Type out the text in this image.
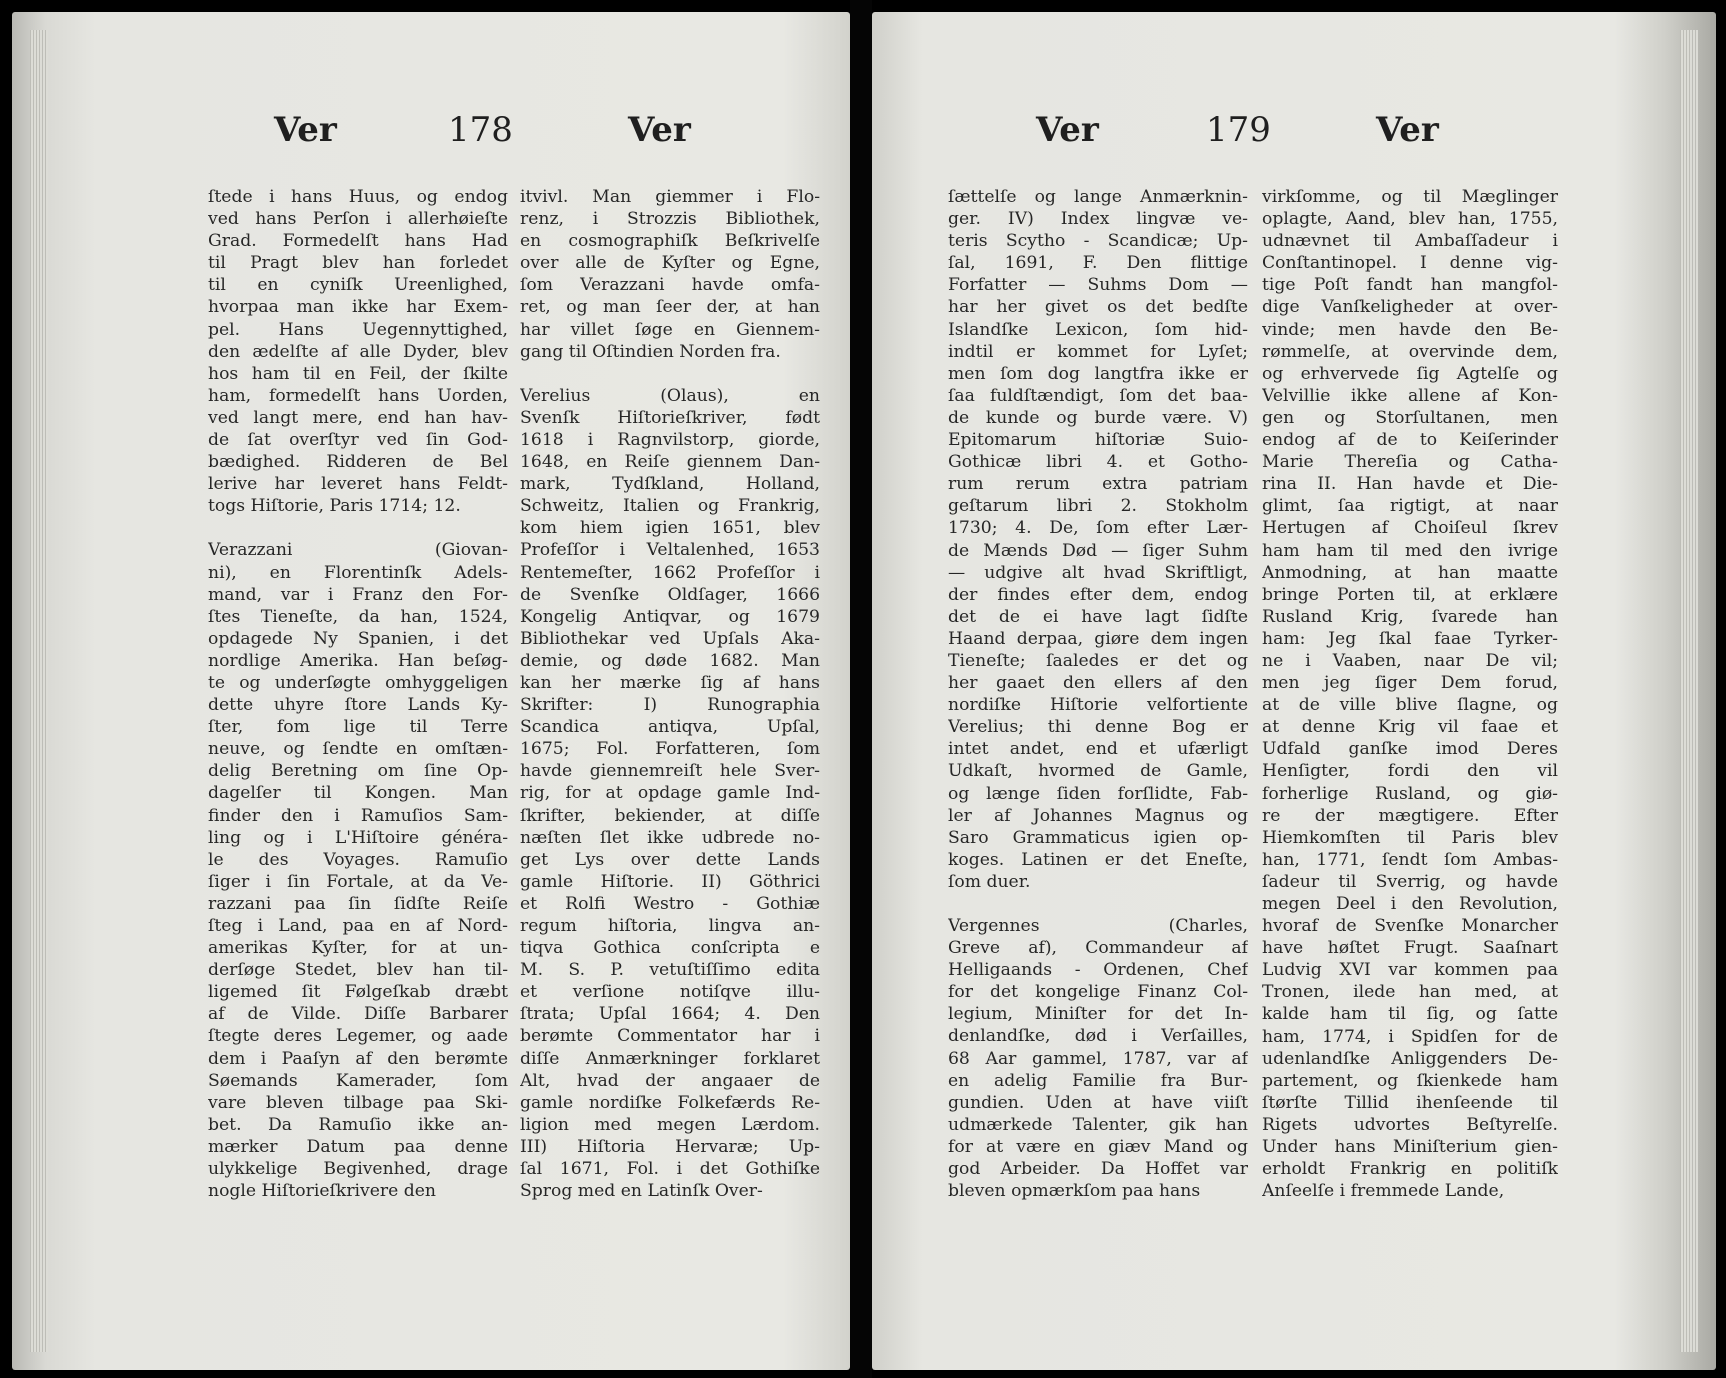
Ver	178	Ver
ſtede i hans Huus, og endog
ved hans Perſon i allerhøieſte
Grad. Formedelſt hans Had
til Pragt blev han forledet
til en cyniſk Ureenlighed,
hvorpaa man ikke har Exem-
pel. Hans Uegennyttighed,
den ædelſte af alle Dyder, blev
hos ham til en Feil, der ſkilte
ham, formedelſt hans Uorden,
ved langt mere, end han hav-
de ſat overſtyr ved ſin God-
bædighed. Ridderen de Bel
lerive har leveret hans Feldt-
togs Hiſtorie, Paris 1714; 12.
Verazzani (Giovan-
ni), en Florentinſk Adels-
mand, var i Franz den For-
ſtes Tieneſte, da han, 1524,
opdagede Ny Spanien, i det
nordlige Amerika. Han beſøg-
te og underſøgte omhyggeligen
dette uhyre ſtore Lands Ky-
ſter, fom lige til Terre
neuve, og ſendte en omſtæn-
delig Beretning om ſine Op-
dagelſer til Kongen. Man
finder den i Ramuſios Sam-
ling og i L'Hiſtoire généra-
le des Voyages. Ramuſio
ſiger i ſin Fortale, at da Ve-
razzani paa ſin ſidſte Reiſe
ſteg i Land, paa en af Nord-
amerikas Kyſter, for at un-
derſøge Stedet, blev han til-
ligemed ſit Følgeſkab dræbt
af de Vilde. Diſſe Barbarer
ſtegte deres Legemer, og aade
dem i Paaſyn af den berømte
Søemands Kamerader, ſom
vare bleven tilbage paa Ski-
bet. Da Ramuſio ikke an-
mærker Datum paa denne
ulykkelige Begivenhed, drage
nogle Hiſtorieſkrivere den
itvivl. Man giemmer i Flo-
renz, i Strozzis Bibliothek,
en cosmographiſk Beſkrivelſe
over alle de Kyſter og Egne,
ſom Verazzani havde omfa-
ret, og man ſeer der, at han
har villet ſøge en Giennem-
gang til Oſtindien Norden fra.
Verelius (Olaus), en
Svenſk Hiſtorieſkriver, født
1618 i Ragnvilstorp, giorde,
1648, en Reiſe giennem Dan-
mark, Tydſkland, Holland,
Schweitz, Italien og Frankrig,
kom hiem igien 1651, blev
Profeſſor i Veltalenhed, 1653
Rentemeſter, 1662 Profeſſor i
de Svenſke Oldſager, 1666
Kongelig Antiqvar, og 1679
Bibliothekar ved Upſals Aka-
demie, og døde 1682. Man
kan her mærke ſig af hans
Skrifter: I) Runographia
Scandica antiqva, Upſal,
1675; Fol. Forfatteren, ſom
havde giennemreiſt hele Sver-
rig, for at opdage gamle Ind-
ſkrifter, bekiender, at diſſe
næſten ſlet ikke udbrede no-
get Lys over dette Lands
gamle Hiſtorie. II) Göthrici
et Rolfi Westro - Gothiæ
regum hiſtoria, lingva an-
tiqva Gothica conſcripta e
M. S. P. vetuſtiſſimo edita
et verſione notiſqve illu-
ſtrata; Upſal 1664; 4. Den
berømte Commentator har i
diſſe Anmærkninger forklaret
Alt, hvad der angaaer de
gamle nordiſke Folkefærds Re-
ligion med megen Lærdom.
III) Hiſtoria Hervaræ; Up-
ſal 1671, Fol. i det Gothiſke
Sprog med en Latinſk Over-
Ver	179	Ver
ſættelſe og lange Anmærknin-
ger. IV) Index lingvæ ve-
teris Scytho - Scandicæ; Up-
ſal, 1691, F. Den flittige
Forfatter — Suhms Dom —
har her givet os det bedſte
Islandſke Lexicon, ſom hid-
indtil er kommet for Lyſet;
men ſom dog langtfra ikke er
ſaa fuldſtændigt, ſom det baa-
de kunde og burde være. V)
Epitomarum hiſtoriæ Suio-
Gothicæ libri 4. et Gotho-
rum rerum extra patriam
geſtarum libri 2. Stokholm
1730; 4. De, ſom efter Lær-
de Mænds Død — ſiger Suhm
— udgive alt hvad Skriftligt,
der findes efter dem, endog
det de ei have lagt ſidſte
Haand derpaa, giøre dem ingen
Tieneſte; ſaaledes er det og
her gaaet den ellers af den
nordiſke Hiſtorie velfortiente
Verelius; thi denne Bog er
intet andet, end et ufærligt
Udkaſt, hvormed de Gamle,
og længe ſiden forſlidte, Fab-
ler af Johannes Magnus og
Saro Grammaticus igien op-
koges. Latinen er det Eneſte,
ſom duer.
Vergennes (Charles,
Greve af), Commandeur af
Helligaands - Ordenen, Chef
for det kongelige Finanz Col-
legium, Miniſter for det In-
denlandſke, død i Verſailles,
68 Aar gammel, 1787, var af
en adelig Familie fra Bur-
gundien. Uden at have viiſt
udmærkede Talenter, gik han
for at være en giæv Mand og
god Arbeider. Da Hoffet var
bleven opmærkſom paa hans
virkſomme, og til Mæglinger
oplagte, Aand, blev han, 1755,
udnævnet til Ambaſſadeur i
Conſtantinopel. I denne vig-
tige Poſt fandt han mangfol-
dige Vanſkeligheder at over-
vinde; men havde den Be-
rømmelſe, at overvinde dem,
og erhvervede ſig Agtelſe og
Velvillie ikke allene af Kon-
gen og Storſultanen, men
endog af de to Keiſerinder
Marie Thereſia og Catha-
rina II. Han havde et Die-
glimt, ſaa rigtigt, at naar
Hertugen af Choiſeul ſkrev
ham ham til med den ivrige
Anmodning, at han maatte
bringe Porten til, at erklære
Rusland Krig, ſvarede han
ham: Jeg ſkal faae Tyrker-
ne i Vaaben, naar De vil;
men jeg ſiger Dem forud,
at de ville blive ſlagne, og
at denne Krig vil faae et
Udfald ganſke imod Deres
Henſigter, fordi den vil
forherlige Rusland, og giø-
re der mægtigere. Efter
Hiemkomſten til Paris blev
han, 1771, ſendt ſom Ambas-
ſadeur til Sverrig, og havde
megen Deel i den Revolution,
hvoraf de Svenſke Monarcher
have høſtet Frugt. Saaſnart
Ludvig XVI var kommen paa
Tronen, ilede han med, at
kalde ham til ſig, og ſatte
ham, 1774, i Spidſen for de
udenlandſke Anliggenders De-
partement, og ſkienkede ham
ſtørſte Tillid ihenſeende til
Rigets udvortes Beſtyrelſe.
Under hans Miniſterium gien-
erholdt Frankrig en politiſk
Anſeelſe i fremmede Lande,
